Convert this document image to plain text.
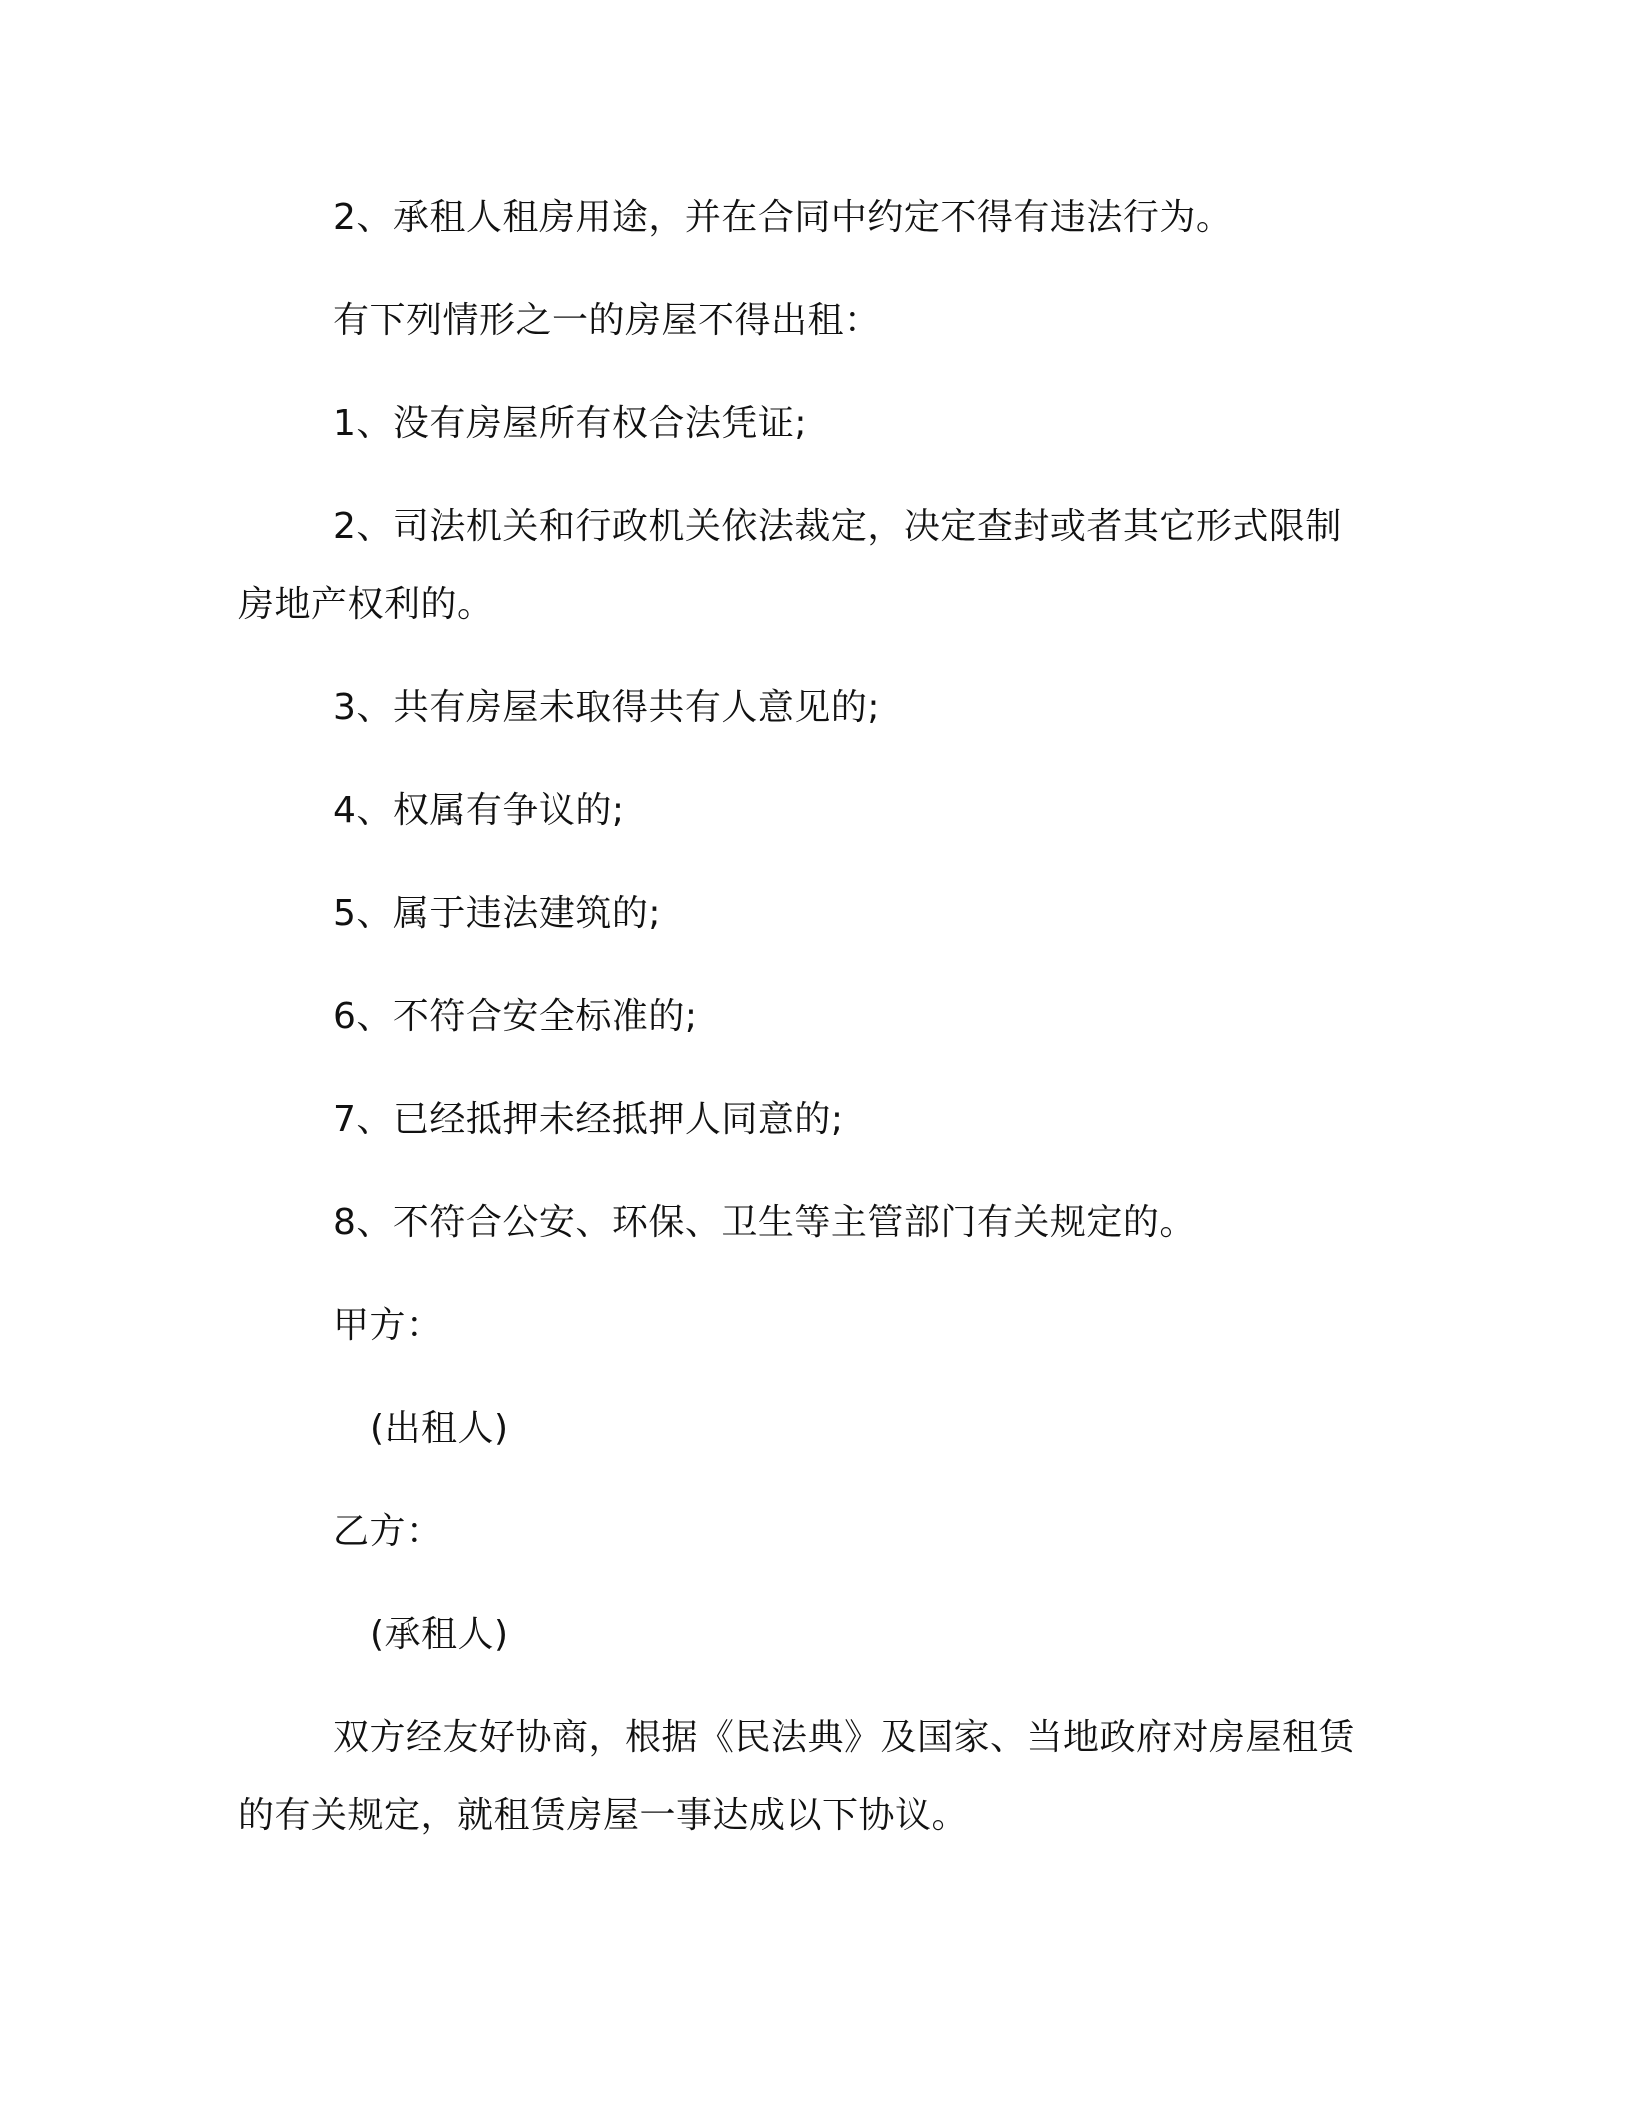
2、承租人租房用途，并在合同中约定不得有违法行为。
有下列情形之一的房屋不得出租：
1、没有房屋所有权合法凭证;
2、司法机关和行政机关依法裁定，决定查封或者其它形式限制
房地产权利的。
3、共有房屋未取得共有人意见的;
4、权属有争议的;
5、属于违法建筑的;
6、不符合安全标准的;
7、已经抵押未经抵押人同意的;
8、不符合公安、环保、卫生等主管部门有关规定的。
甲方：
(出租人)
乙方：
(承租人)
双方经友好协商，根据《民法典》及国家、当地政府对房屋租赁
的有关规定，就租赁房屋一事达成以下协议。
